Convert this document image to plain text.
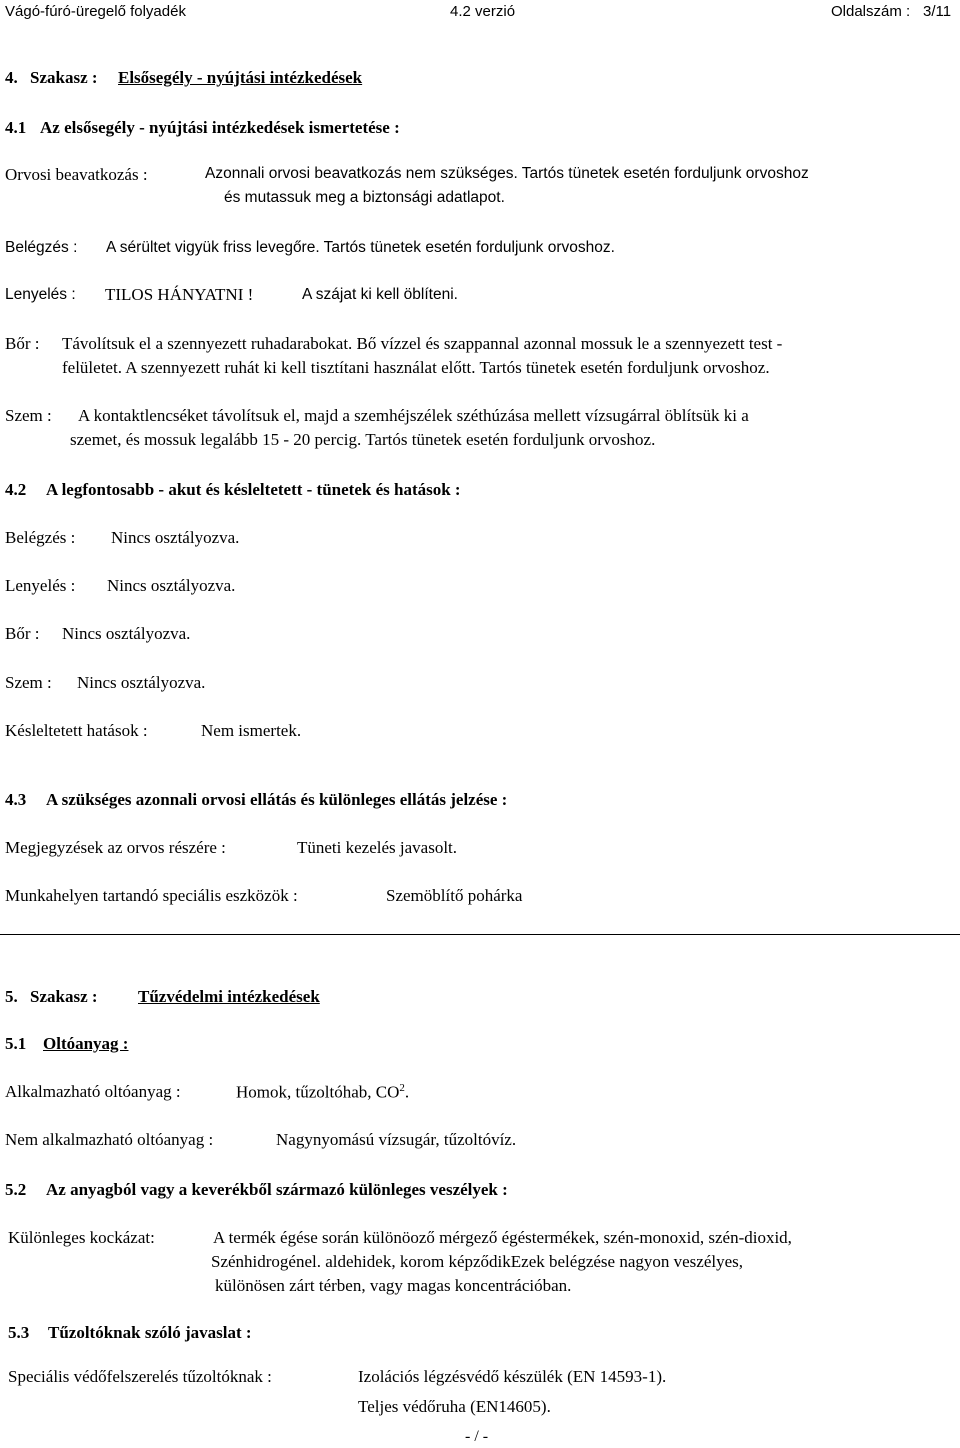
Vágó-fúró-üregelő folyadék	4.2 verzió	Oldalszám : 3/11
4. Szakasz : Elsősegély - nyújtási intézkedések
4.1 Az elsősegély - nyújtási intézkedések ismertetése :
Orvosi beavatkozás :	Azonnali orvosi beavatkozás nem szükséges. Tartós tünetek esetén forduljunk orvoshoz
és mutassuk meg a biztonsági adatlapot.
Belégzés : A sérültet vigyük friss levegőre. Tartós tünetek esetén forduljunk orvoshoz.
Lenyelés : TILOS HÁNYATNI !	A szájat ki kell öblíteni.
Bőr : Távolítsuk el a szennyezett ruhadarabokat. Bő vízzel és szappannal azonnal mossuk le a szennyezett test -
felületet. A szennyezett ruhát ki kell tisztítani használat előtt. Tartós tünetek esetén forduljunk orvoshoz.
Szem : A kontaktlencséket távolítsuk el, majd a szemhéjszélek széthúzása mellett vízsugárral öblítsük ki a
szemet, és mossuk legalább 15 - 20 percig. Tartós tünetek esetén forduljunk orvoshoz.
4.2 A legfontosabb - akut és késleltetett - tünetek és hatások :
Belégzés : Nincs osztályozva.
Lenyelés : Nincs osztályozva.
Bőr : Nincs osztályozva.
Szem : Nincs osztályozva.
Késleltetett hatások :	Nem ismertek.
4.3 A szükséges azonnali orvosi ellátás és különleges ellátás jelzése :
Megjegyzések az orvos részére :	Tüneti kezelés javasolt.
Munkahelyen tartandó speciális eszközök :	Szemöblítő pohárka
5. Szakasz : Tűzvédelmi intézkedések
5.1 Oltóanyag :
Alkalmazható oltóanyag :	Homok, tűzoltóhab, $CO^2$.
Nem alkalmazható oltóanyag :	Nagynyomású vízsugár, tűzoltóvíz.
5.2 Az anyagból vagy a keverékből származó különleges veszélyek :
Különleges kockázat:	A termék égése során különöoző mérgező égéstermékek, szén-monoxid, szén-dioxid,
Szénhidrogénel. aldehidek, korom képződikEzek belégzése nagyon veszélyes,
különösen zárt térben, vagy magas koncentrációban.
5.3 Tűzoltóknak szóló javaslat :
Speciális védőfelszerelés tűzoltóknak :	Izolációs légzésvédő készülék (EN 14593-1).
Teljes védőruha (EN14605).
- / -
